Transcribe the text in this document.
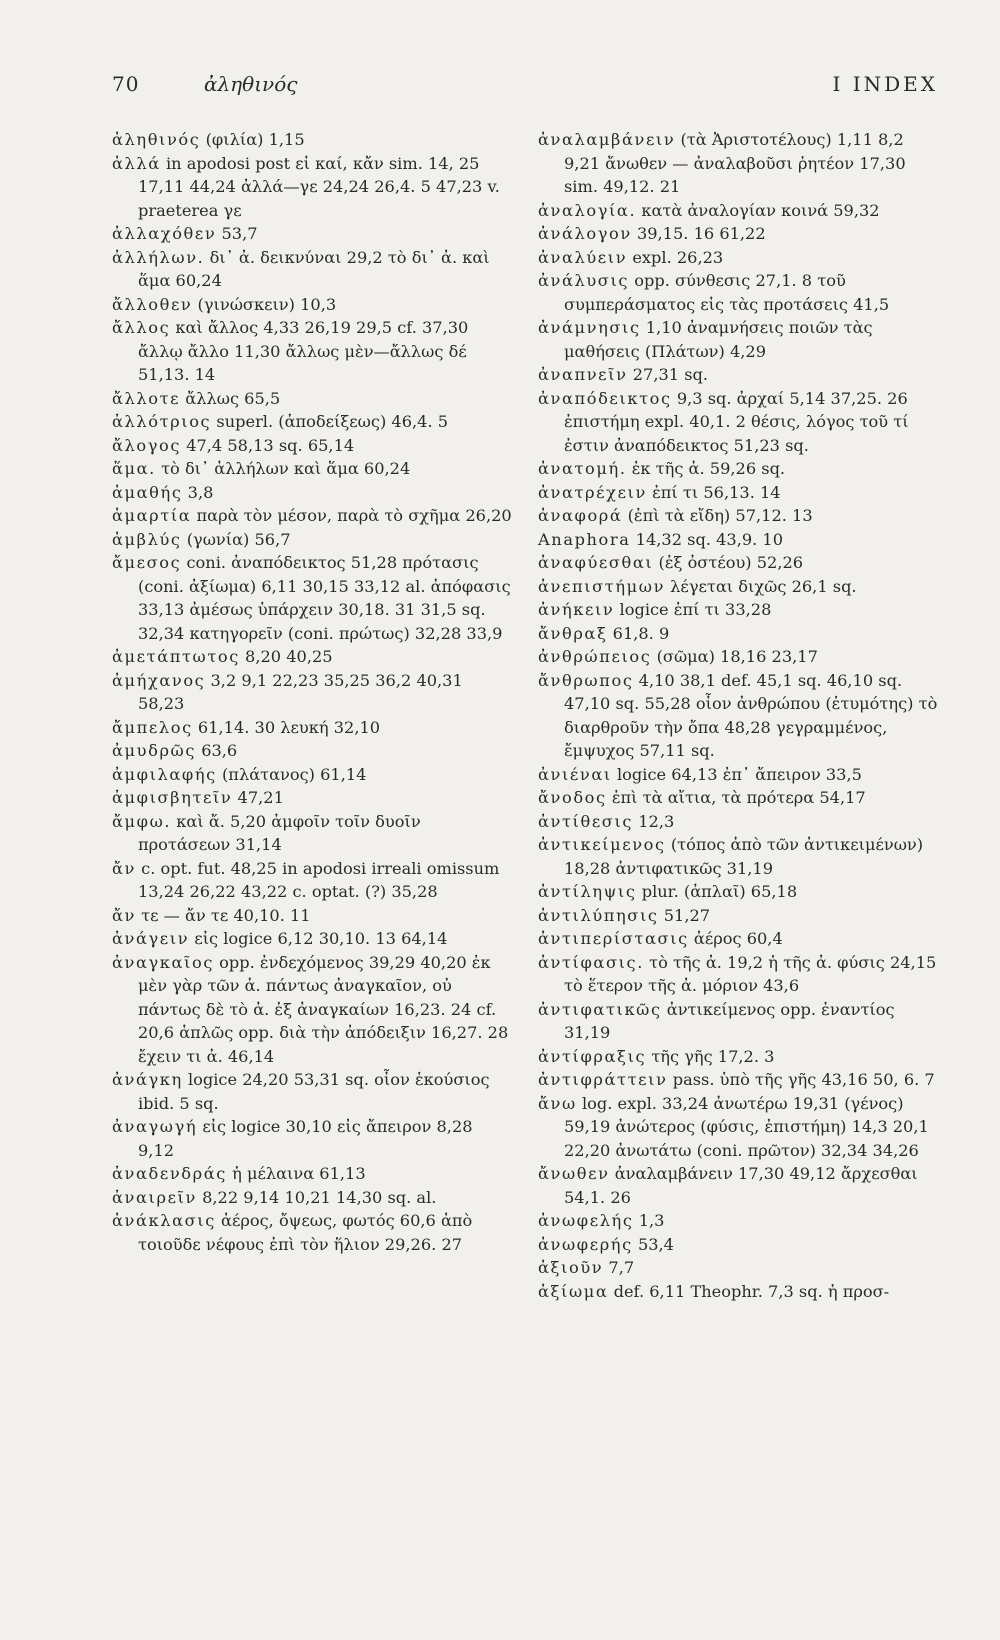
70	ἀληθινός	I INDEX

ἀληθινός (φιλία) 1,15

ἀλλά in apodosi post εἰ καί, κἄν sim. 14, 25 17,11 44,24 ἀλλά—γε 24,24 26,4. 5 47,23 v. praeterea γε

ἀλλαχόθεν 53,7

ἀλλήλων. δι᾽ ἀ. δεικνύναι 29,2 τὸ δι᾽ ἀ. καὶ ἅμα 60,24

ἄλλοθεν (γινώσκειν) 10,3

ἄλλος καὶ ἄλλος 4,33 26,19 29,5 cf. 37,30 ἄλλῳ ἄλλο 11,30 ἄλλως μὲν—ἄλλως δέ 51,13. 14

ἄλλοτε ἄλλως 65,5

ἀλλότριος superl. (ἀποδείξεως) 46,4. 5

ἄλογος 47,4 58,13 sq. 65,14

ἅμα. τὸ δι᾽ ἀλλήλων καὶ ἅμα 60,24

ἀμαθής 3,8

ἁμαρτία παρὰ τὸν μέσον, παρὰ τὸ σχῆμα 26,20

ἀμβλύς (γωνία) 56,7

ἄμεσος coni. ἀναπόδεικτος 51,28 πρότασις (coni. ἀξίωμα) 6,11 30,15 33,12 al. ἀπόφασις 33,13 ἀμέσως ὑπάρχειν 30,18. 31 31,5 sq. 32,34 κατηγορεῖν (coni. πρώτως) 32,28 33,9

ἀμετάπτωτος 8,20 40,25

ἀμήχανος 3,2 9,1 22,23 35,25 36,2 40,31 58,23

ἄμπελος 61,14. 30 λευκή 32,10

ἀμυδρῶς 63,6

ἀμφιλαφής (πλάτανος) 61,14

ἀμφισβητεῖν 47,21

ἄμφω. καὶ ἄ. 5,20 ἀμφοῖν τοῖν δυοῖν προτάσεων 31,14

ἄν c. opt. fut. 48,25 in apodosi irreali omissum 13,24 26,22 43,22 c. optat. (?) 35,28

ἄν τε — ἄν τε 40,10. 11

ἀνάγειν εἰς logice 6,12 30,10. 13 64,14

ἀναγκαῖος opp. ἐνδεχόμενος 39,29 40,20 ἐκ μὲν γὰρ τῶν ἀ. πάντως ἀναγκαῖον, οὐ πάντως δὲ τὸ ἀ. ἐξ ἀναγκαίων 16,23. 24 cf. 20,6 ἁπλῶς opp. διὰ τὴν ἀπόδειξιν 16,27. 28 ἔχειν τι ἀ. 46,14

ἀνάγκη logice 24,20 53,31 sq. οἷον ἑκούσιος ibid. 5 sq.

ἀναγωγή εἰς logice 30,10 εἰς ἄπειρον 8,28 9,12

ἀναδενδράς ἡ μέλαινα 61,13

ἀναιρεῖν 8,22 9,14 10,21 14,30 sq. al.

ἀνάκλασις ἀέρος, ὄψεως, φωτός 60,6 ἀπὸ τοιοῦδε νέφους ἐπὶ τὸν ἥλιον 29,26. 27

ἀναλαμβάνειν (τὰ Ἀριστοτέλους) 1,11 8,2 9,21 ἄνωθεν — ἀναλαβοῦσι ῥητέον 17,30 sim. 49,12. 21

ἀναλογία. κατὰ ἀναλογίαν κοινά 59,32

ἀνάλογον 39,15. 16 61,22

ἀναλύειν expl. 26,23

ἀνάλυσις opp. σύνθεσις 27,1. 8 τοῦ συμπεράσματος εἰς τὰς προτάσεις 41,5

ἀνάμνησις 1,10 ἀναμνήσεις ποιῶν τὰς μαθήσεις (Πλάτων) 4,29

ἀναπνεῖν 27,31 sq.

ἀναπόδεικτος 9,3 sq. ἀρχαί 5,14 37,25. 26 ἐπιστήμη expl. 40,1. 2 θέσις, λόγος τοῦ τί ἐστιν ἀναπόδεικτος 51,23 sq.

ἀνατομή. ἐκ τῆς ἀ. 59,26 sq.

ἀνατρέχειν ἐπί τι 56,13. 14

ἀναφορά (ἐπὶ τὰ εἴδη) 57,12. 13

Anaphora 14,32 sq. 43,9. 10

ἀναφύεσθαι (ἐξ ὀστέου) 52,26

ἀνεπιστήμων λέγεται διχῶς 26,1 sq.

ἀνήκειν logice ἐπί τι 33,28

ἄνθραξ 61,8. 9

ἀνθρώπειος (σῶμα) 18,16 23,17

ἄνθρωπος 4,10 38,1 def. 45,1 sq. 46,10 sq. 47,10 sq. 55,28 οἷον ἀνθρώπου (ἐτυμότης) τὸ διαρθροῦν τὴν ὄπα 48,28 γεγραμμένος, ἔμψυχος 57,11 sq.

ἀνιέναι logice 64,13 ἐπ᾽ ἄπειρον 33,5

ἄνοδος ἐπὶ τὰ αἴτια, τὰ πρότερα 54,17

ἀντίθεσις 12,3

ἀντικείμενος (τόπος ἀπὸ τῶν ἀντικειμένων) 18,28 ἀντιφατικῶς 31,19

ἀντίληψις plur. (ἁπλαῖ) 65,18

ἀντιλύπησις 51,27

ἀντιπερίστασις ἀέρος 60,4

ἀντίφασις. τὸ τῆς ἀ. 19,2 ἡ τῆς ἀ. φύσις 24,15 τὸ ἕτερον τῆς ἀ. μόριον 43,6

ἀντιφατικῶς ἀντικείμενος opp. ἐναντίος 31,19

ἀντίφραξις τῆς γῆς 17,2. 3

ἀντιφράττειν pass. ὑπὸ τῆς γῆς 43,16 50, 6. 7

ἄνω log. expl. 33,24 ἀνωτέρω 19,31 (γένος) 59,19 ἀνώτερος (φύσις, ἐπιστήμη) 14,3 20,1 22,20 ἀνωτάτω (coni. πρῶτον) 32,34 34,26

ἄνωθεν ἀναλαμβάνειν 17,30 49,12 ἄρχεσθαι 54,1. 26

ἀνωφελής 1,3

ἀνωφερής 53,4

ἀξιοῦν 7,7

ἀξίωμα def. 6,11 Theophr. 7,3 sq. ἡ προσ-
